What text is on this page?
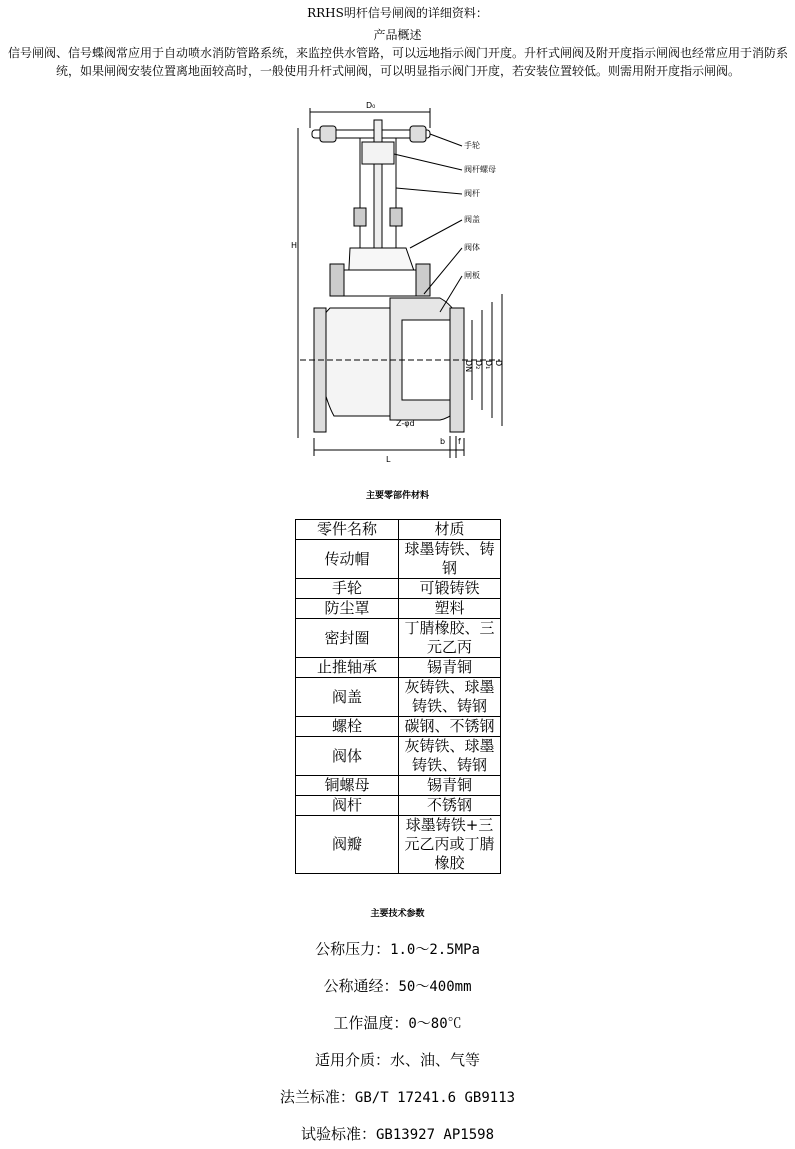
RRHS明杆信号闸阀的详细资料：
产品概述
信号闸阀、信号蝶阀常应用于自动喷水消防管路系统，来监控供水管路，可以远地指示阀门开度。升杆式闸阀及附开度指示闸阀也经常应用于消防系统，如果闸阀安装位置离地面较高时，一般使用升杆式闸阀，可以明显指示阀门开度，若安装位置较低。则需用附开度指示闸阀。
手轮
阀杆螺母
阀杆
阀盖
阀体
闸板
D₀
H
L
DN D₂ D₁ D
Z-φd
b f
主要零部件材料
零件名称	材质
传动帽	球墨铸铁、铸钢
手轮	可锻铸铁
防尘罩	塑料
密封圈	丁腈橡胶、三元乙丙
止推轴承	锡青铜
阀盖	灰铸铁、球墨铸铁、铸钢
螺栓	碳钢、不锈钢
阀体	灰铸铁、球墨铸铁、铸钢
铜螺母	锡青铜
阀杆	不锈钢
阀瓣	球墨铸铁+三元乙丙或丁腈橡胶
主要技术参数
公称压力：1.0～2.5MPa
公称通经：50～400mm
工作温度：0～80℃
适用介质：水、油、气等
法兰标准：GB/T 17241.6 GB9113
试验标准：GB13927 AP1598
